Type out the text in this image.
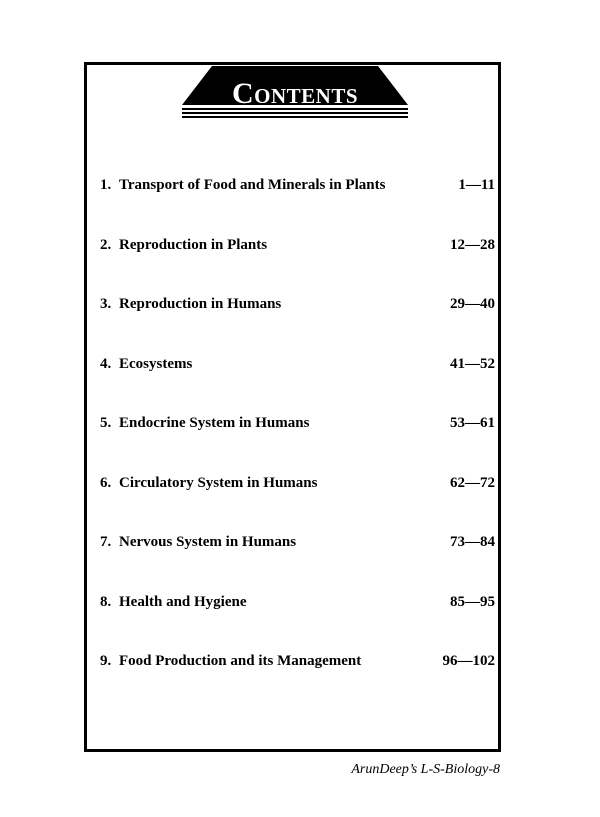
Contents
1. Transport of Food and Minerals in Plants	1—11
2. Reproduction in Plants	12—28
3. Reproduction in Humans	29—40
4. Ecosystems	41—52
5. Endocrine System in Humans	53—61
6. Circulatory System in Humans	62—72
7. Nervous System in Humans	73—84
8. Health and Hygiene	85—95
9. Food Production and its Management	96—102
ArunDeep’s L-S-Biology-8
